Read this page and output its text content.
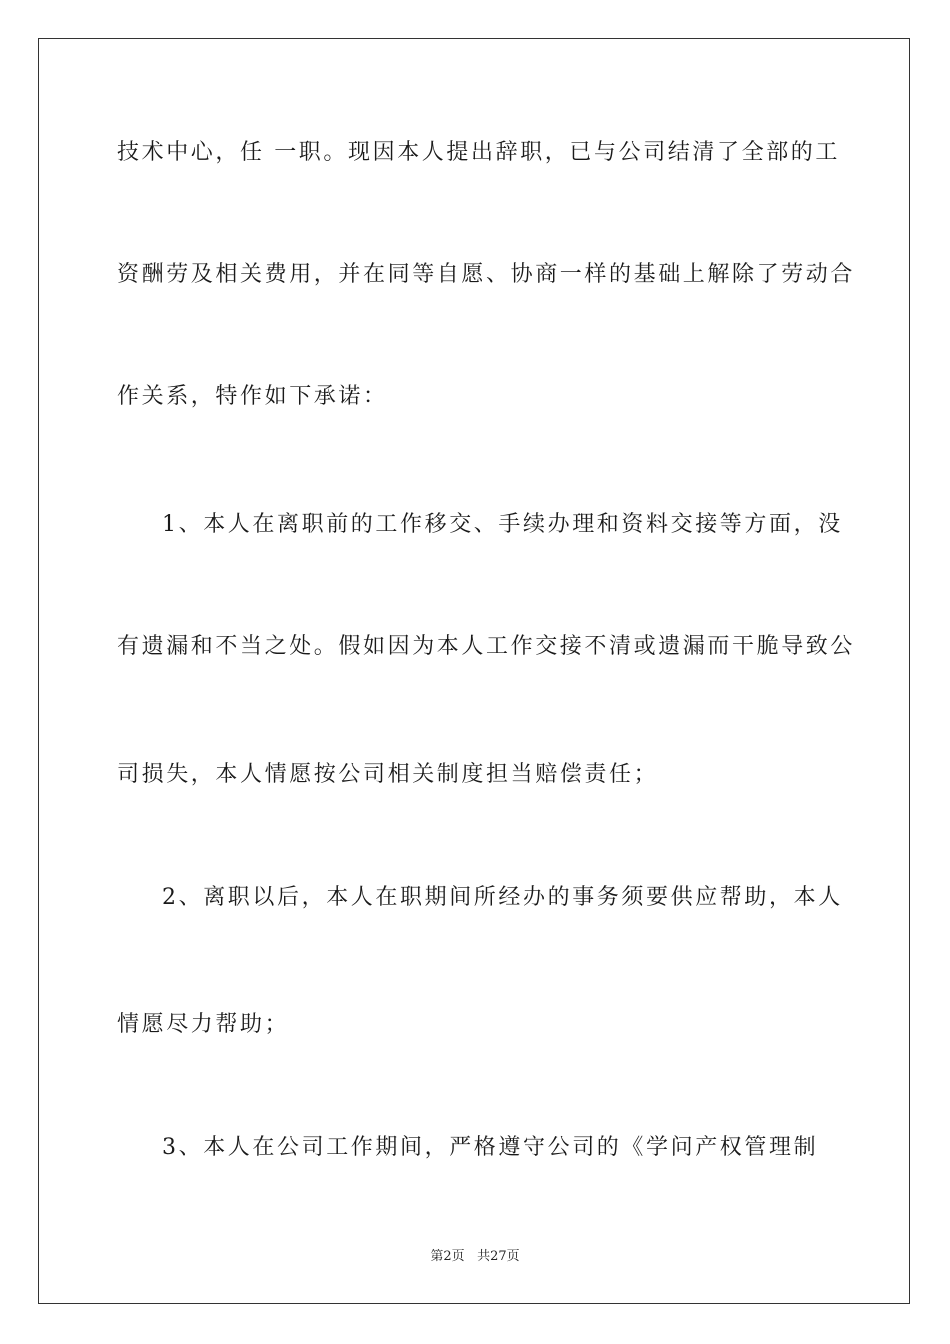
技术中心，任 一职。现因本人提出辞职，已与公司结清了全部的工
资酬劳及相关费用，并在同等自愿、协商一样的基础上解除了劳动合
作关系，特作如下承诺：
1、本人在离职前的工作移交、手续办理和资料交接等方面，没
有遗漏和不当之处。假如因为本人工作交接不清或遗漏而干脆导致公
司损失，本人情愿按公司相关制度担当赔偿责任；
2、离职以后，本人在职期间所经办的事务须要供应帮助，本人
情愿尽力帮助；
3、本人在公司工作期间，严格遵守公司的《学问产权管理制
第2页 共27页
